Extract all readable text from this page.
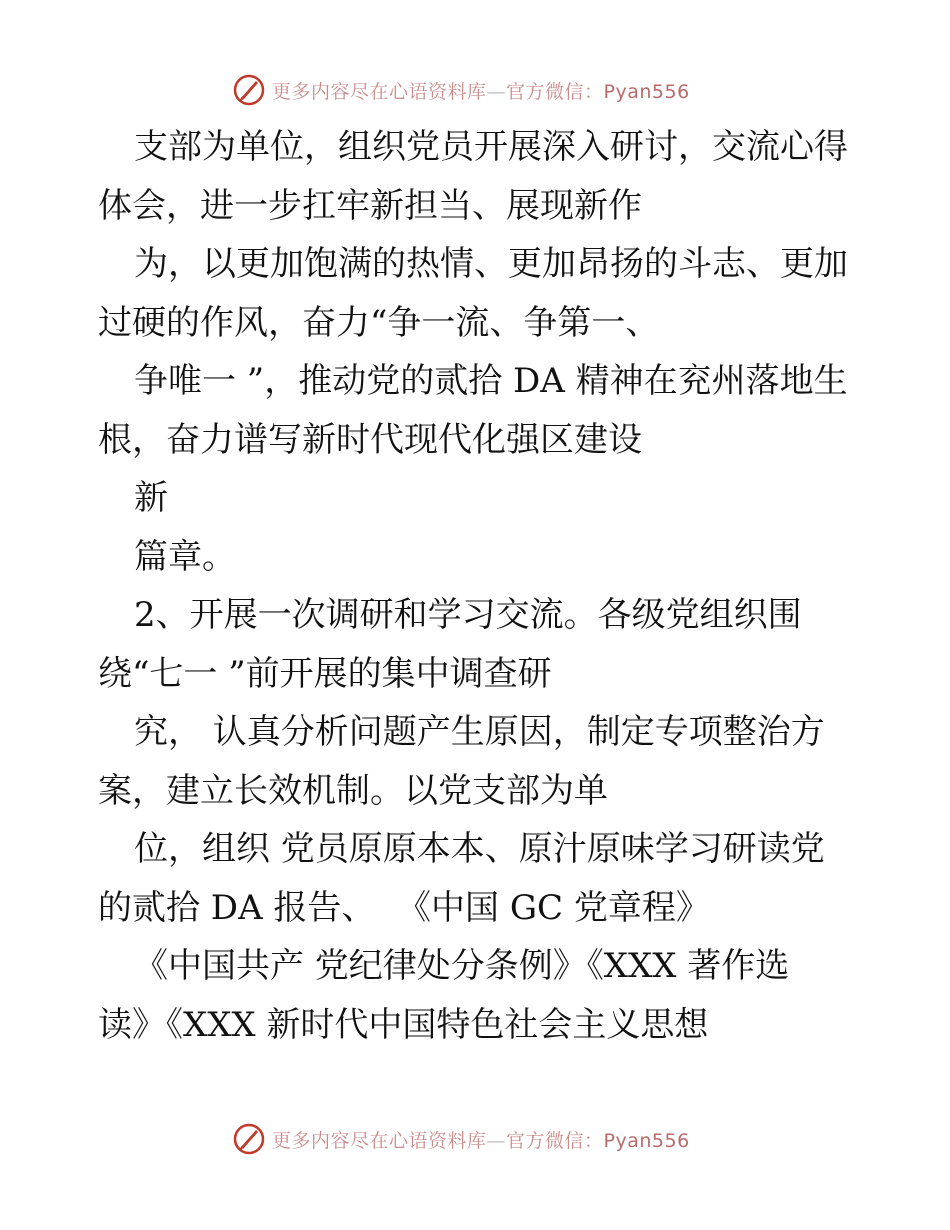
更多内容尽在心语资料库—官方微信：Pyan556
支部为单位，组织党员开展深入研讨，交流心得
体会，进一步扛牢新担当、展现新作
为，以更加饱满的热情、更加昂扬的斗志、更加
过硬的作风，奋力“争一流、争第一、
争唯一 ”，推动党的贰拾 DA 精神在兖州落地生
根，奋力谱写新时代现代化强区建设
新
篇章。
2、开展一次调研和学习交流。各级党组织围
绕“七一 ”前开展的集中调查研
究， 认真分析问题产生原因，制定专项整治方
案，建立长效机制。以党支部为单
位，组织 党员原原本本、原汁原味学习研读党
的贰拾 DA 报告、  《中国 GC 党章程》
《中国共产 党纪律处分条例》《XXX 著作选
读》《XXX 新时代中国特色社会主义思想
更多内容尽在心语资料库—官方微信：Pyan556
